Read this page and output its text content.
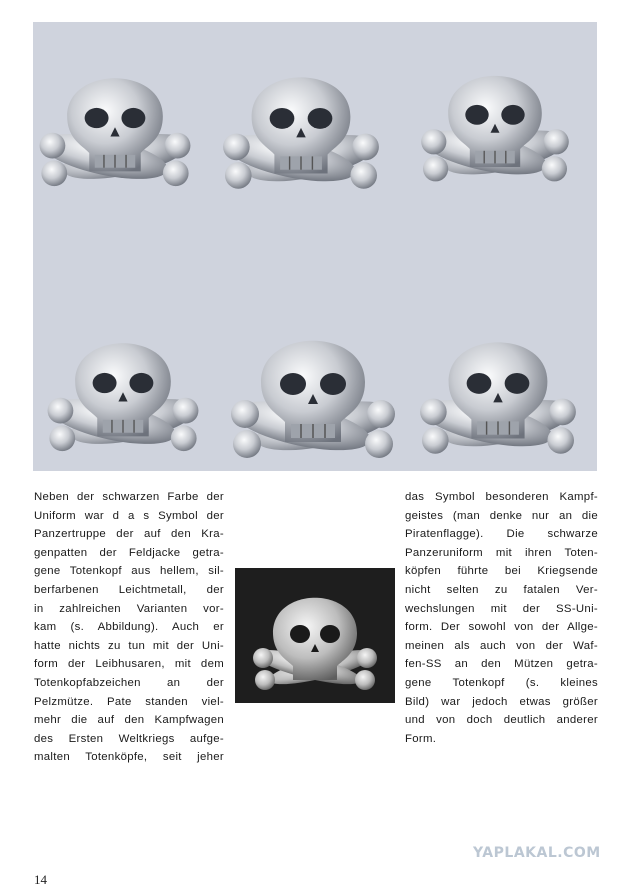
Neben der schwarzen Farbe der
Uniform war d a s Symbol der
Panzertruppe der auf den Kra-
genpatten der Feldjacke getra-
gene Totenkopf aus hellem, sil-
berfarbenen Leichtmetall, der
in zahlreichen Varianten vor-
kam (s. Abbildung). Auch er
hatte nichts zu tun mit der Uni-
form der Leibhusaren, mit dem
Totenkopfabzeichen an der
Pelzmütze. Pate standen viel-
mehr die auf den Kampfwagen
des Ersten Weltkriegs aufge-
malten Totenköpfe, seit jeher
das Symbol besonderen Kampf-
geistes (man denke nur an die
Piratenflagge). Die schwarze
Panzeruniform mit ihren Toten-
köpfen führte bei Kriegsende
nicht selten zu fatalen Ver-
wechslungen mit der SS-Uni-
form. Der sowohl von der Allge-
meinen als auch von der Waf-
fen-SS an den Mützen getra-
gene Totenkopf (s. kleines
Bild) war jedoch etwas größer
und von doch deutlich anderer
Form.
YAPLAKAL.COM
14
